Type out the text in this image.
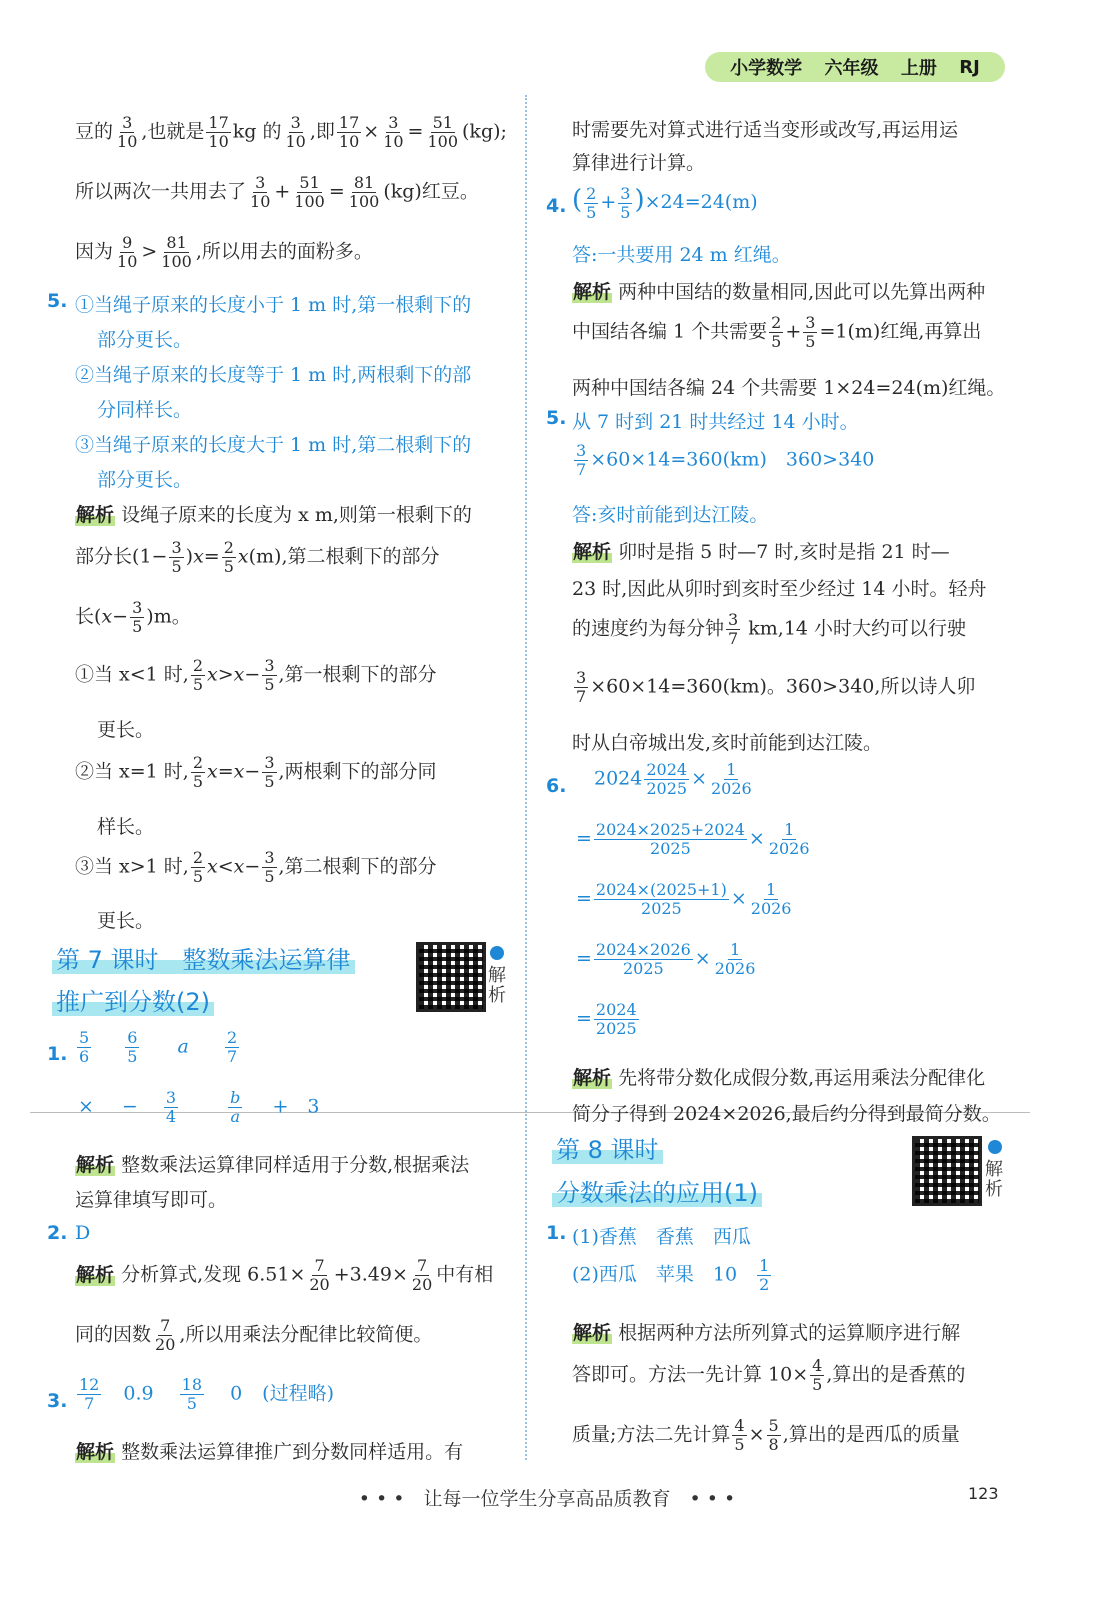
小学数学 六年级 上册 RJ
豆的 $\frac{3}{10}$ ,也就是 $\frac{17}{10}$ kg 的 $\frac{3}{10}$ ,即 $\frac{17}{10} \times \frac{3}{10} = \frac{51}{100} (kg)$;
所以两次一共用去了 $\frac{3}{10} + \frac{51}{100} = \frac{81}{100} (kg)$红豆。
因为 $\frac{9}{10} > \frac{81}{100}$ ,所以用去的面粉多。
5. ①当绳子原来的长度小于 1 m 时,第一根剩下的
部分更长。
②当绳子原来的长度等于 1 m 时,两根剩下的部
分同样长。
③当绳子原来的长度大于 1 m 时,第二根剩下的
部分更长。
解析 设绳子原来的长度为 x m,则第一根剩下的
部分长$(1- \frac{3}{5} )x= \frac{2}{5} x(m)$,第二根剩下的部分
长$(x- \frac{3}{5} )m$。
①当 x<1 时, $\frac{2}{5} x>x- \frac{3}{5}$ ,第一根剩下的部分
更长。
②当 x=1 时, $\frac{2}{5} x=x- \frac{3}{5}$ ,两根剩下的部分同
样长。
③当 x>1 时, $\frac{2}{5} x<x- \frac{3}{5}$ ,第二根剩下的部分
更长。
第 7 课时　整数乘法运算律
推广到分数(2)
解析
1. $\frac{5}{6}$
$\frac{6}{5}$ a $\frac{2}{7}$
× − $\frac{3}{4}$
	$\frac{b}{a}$ +　3
解析 整数乘法运算律同样适用于分数,根据乘法
运算律填写即可。
2. D
解析 分析算式,发现 $6.51\times \frac{7}{20} +3.49\times \frac{7}{20}$ 中有相
同的因数 $\frac{7}{20}$ ,所以用乘法分配律比较简便。
3. $\frac{12}{7} 0.9 \frac{18}{5} 0$ (过程略)
解析 整数乘法运算律推广到分数同样适用。有
时需要先对算式进行适当变形或改写,再运用运
算律进行计算。
4. ( $\frac{2}{5} + \frac{3}{5} )\times 24=24(m)$
答:一共要用 24 m 红绳。
解析 两种中国结的数量相同,因此可以先算出两种
中国结各编 1 个共需要 $\frac{2}{5} + \frac{3}{5} =1(m)$红绳,再算出
两种中国结各编 24 个共需要 1×24=24(m)红绳。
5. 从 7 时到 21 时共经过 14 小时。
$\frac{3}{7} \times 60\times 14=360(km)$　360>340
答:亥时前能到达江陵。
解析 卯时是指 5 时—7 时,亥时是指 21 时—
23 时,因此从卯时到亥时至少经过 14 小时。轻舟
的速度约为每分钟 $\frac{3}{7} km,14$ 小时大约可以行驶
$\frac{3}{7} \times 60\times 14=360(km)$。360>340,所以诗人卯
时从白帝城出发,亥时前能到达江陵。
6. $2024 \frac{2024}{2025} \times \frac{1}{2026}$
= $\frac{2024\times 2025+2024}{2025} \times \frac{1}{2026}$
= $\frac{2024\times(2025+1)}{2025} \times \frac{1}{2026}$
= $\frac{2024\times 2026}{2025} \times \frac{1}{2026}$
= $\frac{2024}{2025}$
解析 先将带分数化成假分数,再运用乘法分配律化
简分子得到 2024×2026,最后约分得到最简分数。
第 8 课时
分数乘法的应用(1)
解析
1. (1)香蕉　香蕉　西瓜
(2)西瓜　苹果　$10 \frac{1}{2}$
解析 根据两种方法所列算式的运算顺序进行解
答即可。方法一先计算 $10\times \frac{4}{5}$ ,算出的是香蕉的
质量;方法二先计算 $\frac{4}{5} \times \frac{5}{8}$ ,算出的是西瓜的质量
• • •　让每一位学生分享高品质教育　• • •	123
